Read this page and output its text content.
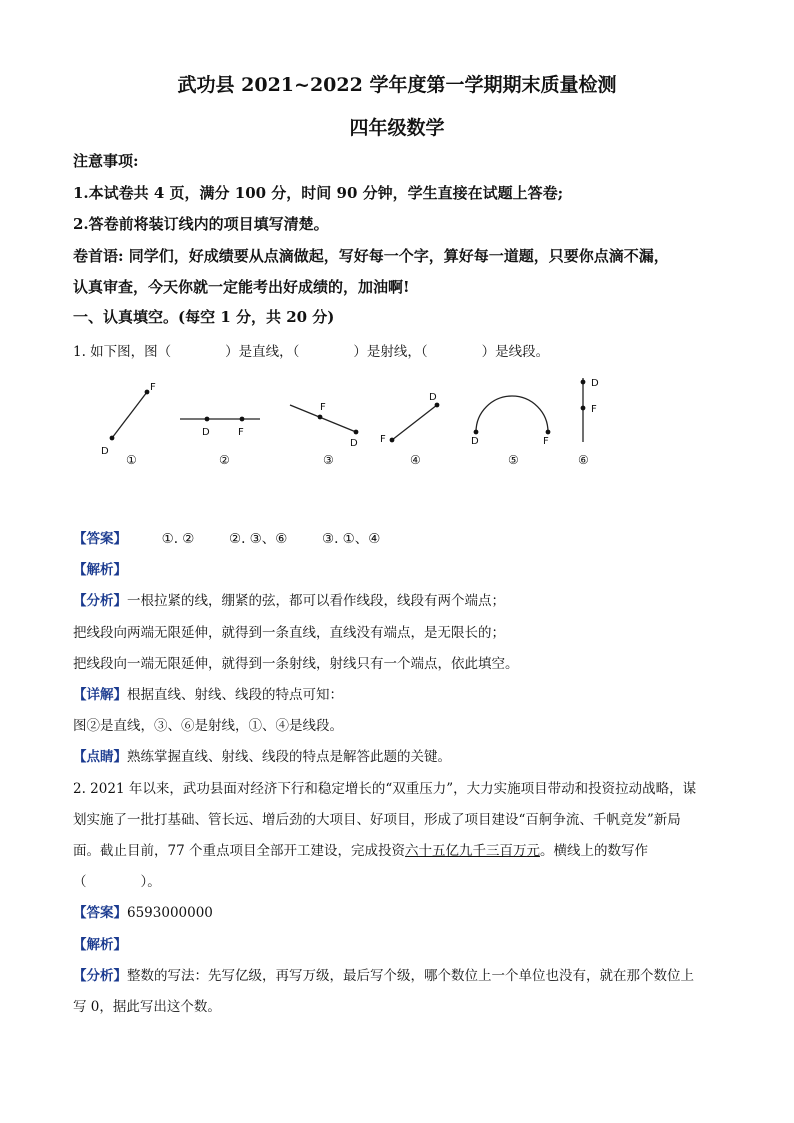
武功县 2021~2022 学年度第一学期期末质量检测
四年级数学
注意事项:
1.本试卷共 4 页，满分 100 分，时间 90 分钟，学生直接在试题上答卷;
2.答卷前将装订线内的项目填写清楚。
卷首语: 同学们，好成绩要从点滴做起，写好每一个字，算好每一道题，只要你点滴不漏，
认真审查，今天你就一定能考出好成绩的，加油啊!
一、认真填空。(每空 1 分，共 20 分)
1. 如下图，图（　　　　）是直线，（　　　　）是射线，（　　　　）是线段。
F
D
D	F
F
D
D
F	D	F
D
F
①	②	③	④	⑤	⑥
【答案】	①. ②	②. ③、⑥	③. ①、④
【解析】
【分析】一根拉紧的线，绷紧的弦，都可以看作线段，线段有两个端点；
把线段向两端无限延伸，就得到一条直线，直线没有端点，是无限长的；
把线段向一端无限延伸，就得到一条射线，射线只有一个端点，依此填空。
【详解】根据直线、射线、线段的特点可知：
图②是直线，③、⑥是射线，①、④是线段。
【点睛】熟练掌握直线、射线、线段的特点是解答此题的关键。
2. 2021 年以来，武功县面对经济下行和稳定增长的“双重压力”，大力实施项目带动和投资拉动战略，谋
划实施了一批打基础、管长远、增后劲的大项目、好项目，形成了项目建设“百舸争流、千帆竞发”新局
面。截止目前，77 个重点项目全部开工建设，完成投资六十五亿九千三百万元。横线上的数写作
（　　　　）。
【答案】6593000000
【解析】
【分析】整数的写法：先写亿级，再写万级，最后写个级，哪个数位上一个单位也没有，就在那个数位上
写 0，据此写出这个数。
